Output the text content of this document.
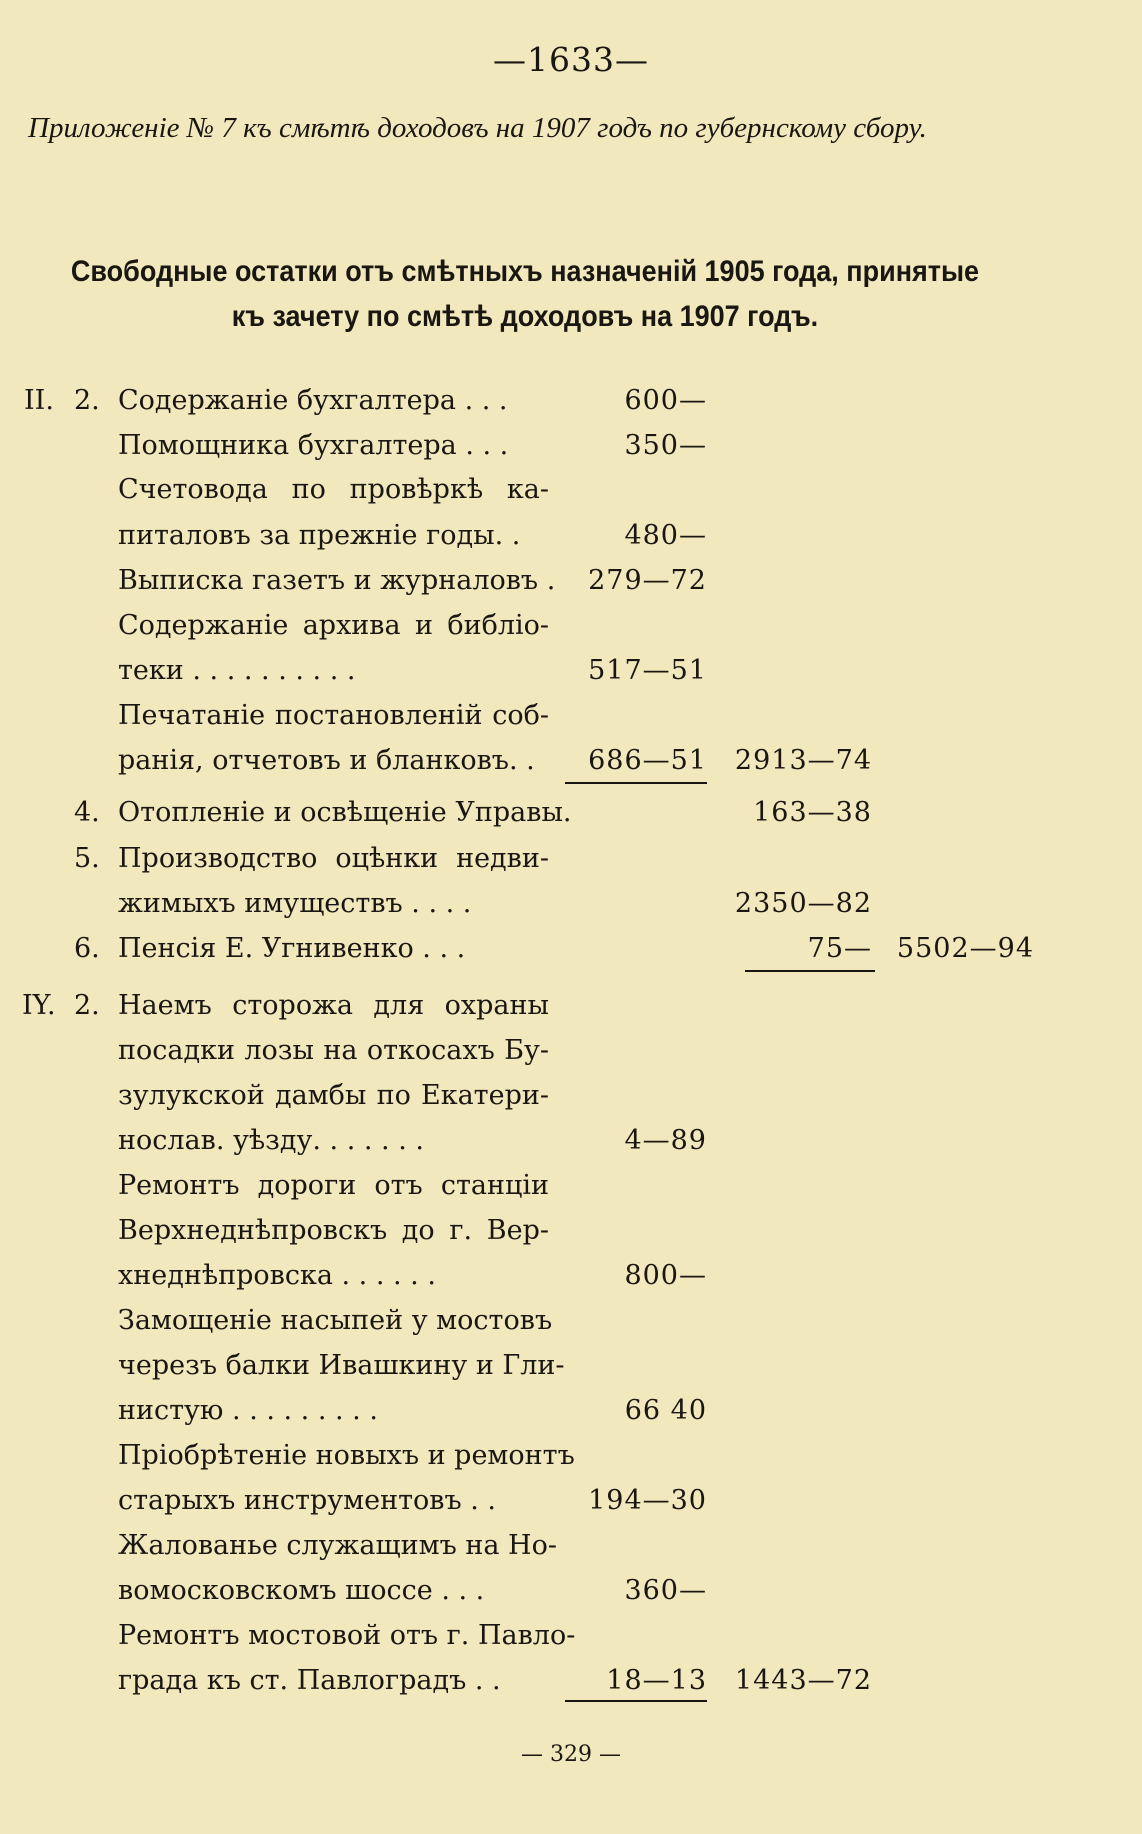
—1633—
Приложеніе № 7 къ смѣтѣ доходовъ на 1907 годъ по губернскому сбору.
Свободные остатки отъ смѣтныхъ назначеній 1905 года, принятые
къ зачету по смѣтѣ доходовъ на 1907 годъ.
II. 2. Содержаніе бухгалтера . . .	600—
Помощника бухгалтера . . .	350—
Счетовода по провѣркѣ ка-
питаловъ за прежніе годы. .	480—
Выписка газетъ и журналовъ . 279—72
Содержаніе архива и библіо-
теки . . . . . . . . . .	517—51
Печатаніе постановленій соб-
ранія, отчетовъ и бланковъ. . 686—51 2913—74
4. Отопленіе и освѣщеніе Управы.	163—38
5. Производство оцѣнки недви-
жимыхъ имуществъ . . . .	2350—82
6. Пенсія Е. Угнивенко . . .	75— 5502—94
IY. 2. Наемъ сторожа для охраны
посадки лозы на откосахъ Бу-
зулукской дамбы по Екатери-
нослав. уѣзду. . . . . . .	4—89
Ремонтъ дороги отъ станціи
Верхнеднѣпровскъ до г. Вер-
хнеднѣпровска . . . . . .	800—
Замощеніе насыпей у мостовъ
черезъ балки Ивашкину и Гли-
нистую . . . . . . . . .	66 40
Пріобрѣтеніе новыхъ и ремонтъ
старыхъ инструментовъ . .	194—30
Жалованье служащимъ на Но-
вомосковскомъ шоссе . . .	360—
Ремонтъ мостовой отъ г. Павло-
града къ ст. Павлоградъ . .	18—13 1443—72
— 329 —
